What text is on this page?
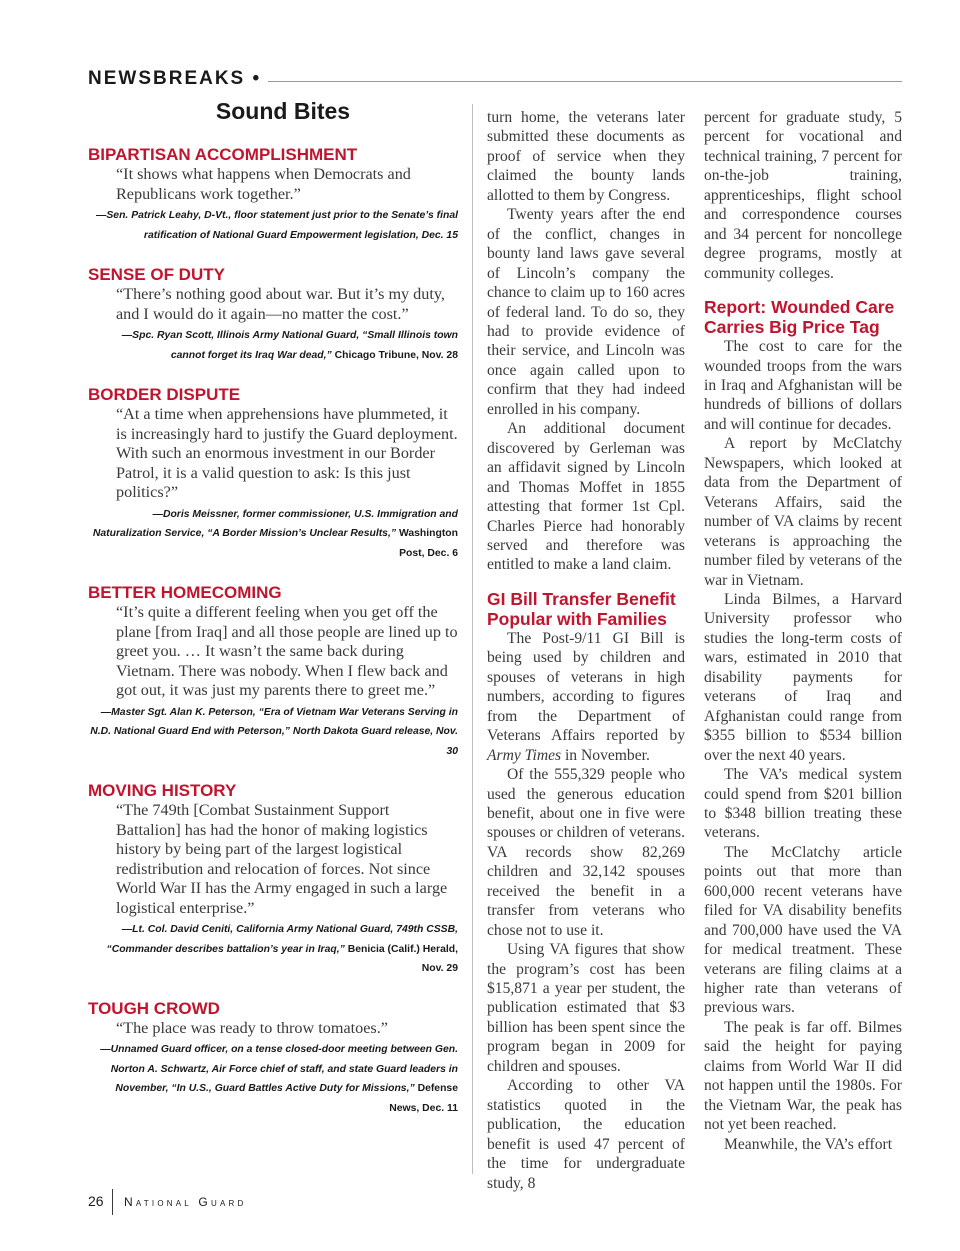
NEWSBREAKS •
Sound Bites
BIPARTISAN ACCOMPLISHMENT

“It shows what happens when Democrats and Republicans work together.”

—Sen. Patrick Leahy, D-Vt., floor statement just prior to the Senate’s final ratification of National Guard Empowerment legislation, Dec. 15

SENSE OF DUTY

“There’s nothing good about war. But it’s my duty, and I would do it again—no matter the cost.”

—Spc. Ryan Scott, Illinois Army National Guard, “Small Illinois town cannot forget its Iraq War dead,” Chicago Tribune, Nov. 28

BORDER DISPUTE

“At a time when apprehensions have plummeted, it is increasingly hard to justify the Guard deployment. With such an enormous investment in our Border Patrol, it is a valid question to ask: Is this just politics?”

—Doris Meissner, former commissioner, U.S. Immigration and Naturalization Service, “A Border Mission’s Unclear Results,” Washington Post, Dec. 6

BETTER HOMECOMING

“It’s quite a different feeling when you get off the plane [from Iraq] and all those people are lined up to greet you. … It wasn’t the same back during Vietnam. There was nobody. When I flew back and got out, it was just my parents there to greet me.”

—Master Sgt. Alan K. Peterson, “Era of Vietnam War Veterans Serving in N.D. National Guard End with Peterson,” North Dakota Guard release, Nov. 30

MOVING HISTORY

“The 749th [Combat Sustainment Support Battalion] has had the honor of making logistics history by being part of the largest logistical redistribution and relocation of forces. Not since World War II has the Army engaged in such a large logistical enterprise.”

—Lt. Col. David Ceniti, California Army National Guard, 749th CSSB, “Commander describes battalion’s year in Iraq,” Benicia (Calif.) Herald, Nov. 29

TOUGH CROWD

“The place was ready to throw tomatoes.”

—Unnamed Guard officer, on a tense closed-door meeting between Gen. Norton A. Schwartz, Air Force chief of staff, and state Guard leaders in November, “In U.S., Guard Battles Active Duty for Missions,” Defense News, Dec. 11

turn home, the veterans later submitted these documents as proof of service when they claimed the bounty lands allotted to them by Congress.

Twenty years after the end of the conflict, changes in bounty land laws gave several of Lincoln’s company the chance to claim up to 160 acres of federal land. To do so, they had to provide evidence of their service, and Lincoln was once again called upon to confirm that they had indeed enrolled in his company.

An additional document discovered by Gerleman was an affidavit signed by Lincoln and Thomas Moffet in 1855 attesting that former 1st Cpl. Charles Pierce had honorably served and therefore was entitled to make a land claim.

GI Bill Transfer Benefit Popular with Families

The Post-9/11 GI Bill is being used by children and spouses of veterans in high numbers, according to figures from the Department of Veterans Affairs reported by Army Times in November.

Of the 555,329 people who used the generous education benefit, about one in five were spouses or children of veterans. VA records show 82,269 children and 32,142 spouses received the benefit in a transfer from veterans who chose not to use it.

Using VA figures that show the program’s cost has been $15,871 a year per student, the publication estimated that $3 billion has been spent since the program began in 2009 for children and spouses.

According to other VA statistics quoted in the publication, the education benefit is used 47 percent of the time for undergraduate study, 8

percent for graduate study, 5 percent for vocational and technical training, 7 percent for on-the-job training, apprenticeships, flight school and correspondence courses and 34 percent for noncollege degree programs, mostly at community colleges.

Report: Wounded Care Carries Big Price Tag

The cost to care for the wounded troops from the wars in Iraq and Afghanistan will be hundreds of billions of dollars and will continue for decades.

A report by McClatchy Newspapers, which looked at data from the Department of Veterans Affairs, said the number of VA claims by recent veterans is approaching the number filed by veterans of the war in Vietnam.

Linda Bilmes, a Harvard University professor who studies the long-term costs of wars, estimated in 2010 that disability payments for veterans of Iraq and Afghanistan could range from $355 billion to $534 billion over the next 40 years.

The VA’s medical system could spend from $201 billion to $348 billion treating these veterans.

The McClatchy article points out that more than 600,000 recent veterans have filed for VA disability benefits and 700,000 have used the VA for medical treatment. These veterans are filing claims at a higher rate than veterans of previous wars.

The peak is far off. Bilmes said the height for paying claims from World War II did not happen until the 1980s. For the Vietnam War, the peak has not yet been reached.

Meanwhile, the VA’s effort

26 National Guard
